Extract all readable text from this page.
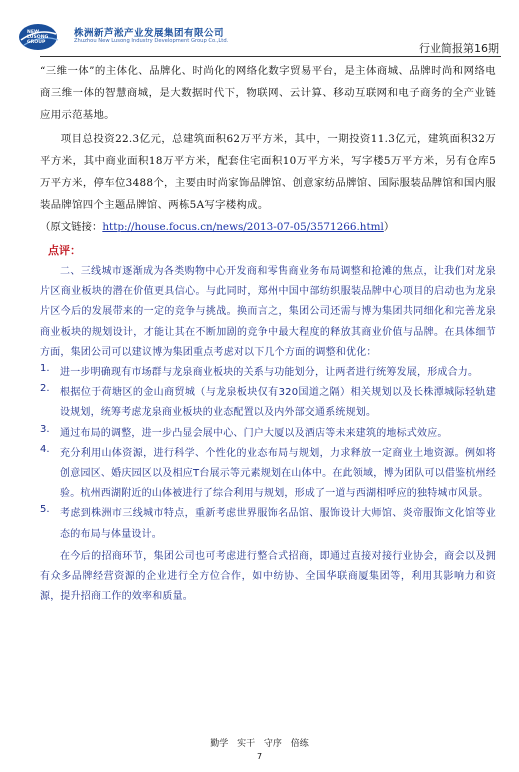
NEW
LUSONG
GROUP
株洲新芦淞产业发展集团有限公司
Zhuzhou New Lusong Industry Development Group Co.,Ltd.
行业简报第16期

“三维一体”的主体化、品牌化、时尚化的网络化数字贸易平台，是主体商城、品牌时尚和网络电商三维一体的智慧商城，是大数据时代下，物联网、云计算、移动互联网和电子商务的全产业链应用示范基地。

项目总投资22.3亿元，总建筑面积62万平方米，其中，一期投资11.3亿元，建筑面积32万平方米，其中商业面积18万平方米，配套住宅面积10万平方米，写字楼5万平方米，另有仓库5万平方米，停车位3488个，主要由时尚家饰品牌馆、创意家纺品牌馆、国际服装品牌馆和国内服装品牌馆四个主题品牌馆、两栋5A写字楼构成。

（原文链接：http://house.focus.cn/news/2013-07-05/3571266.html）

点评：

二、三线城市逐渐成为各类购物中心开发商和零售商业务布局调整和抢滩的焦点，让我们对龙泉片区商业板块的潜在价值更具信心。与此同时，郑州中国中部纺织服装品牌中心项目的启动也为龙泉片区今后的发展带来的一定的竞争与挑战。换而言之，集团公司还需与博为集团共同细化和完善龙泉商业板块的规划设计，才能让其在不断加剧的竞争中最大程度的释放其商业价值与品牌。在具体细节方面，集团公司可以建议博为集团重点考虑对以下几个方面的调整和优化：

1. 进一步明确现有市场群与龙泉商业板块的关系与功能划分，让两者进行统筹发展，形成合力。

2. 根据位于荷塘区的金山商贸城（与龙泉板块仅有320国道之隔）相关规划以及长株潭城际轻轨建设规划，统筹考虑龙泉商业板块的业态配置以及内外部交通系统规划。

3. 通过布局的调整，进一步凸显会展中心、门户大厦以及酒店等未来建筑的地标式效应。

4. 充分利用山体资源，进行科学、个性化的业态布局与规划，力求释放一定商业土地资源。例如将创意园区、婚庆园区以及相应T台展示等元素规划在山体中。在此领域，博为团队可以借鉴杭州经验。杭州西湖附近的山体被进行了综合利用与规划，形成了一道与西湖相呼应的独特城市风景。

5. 考虑到株洲市三线城市特点，重新考虑世界服饰名品馆、服饰设计大师馆、炎帝服饰文化馆等业态的布局与体量设计。

在今后的招商环节，集团公司也可考虑进行整合式招商，即通过直接对接行业协会，商会以及拥有众多品牌经营资源的企业进行全方位合作，如中纺协、全国华联商厦集团等，利用其影响力和资源，提升招商工作的效率和质量。

勤学 实干 守序 倍练
7
